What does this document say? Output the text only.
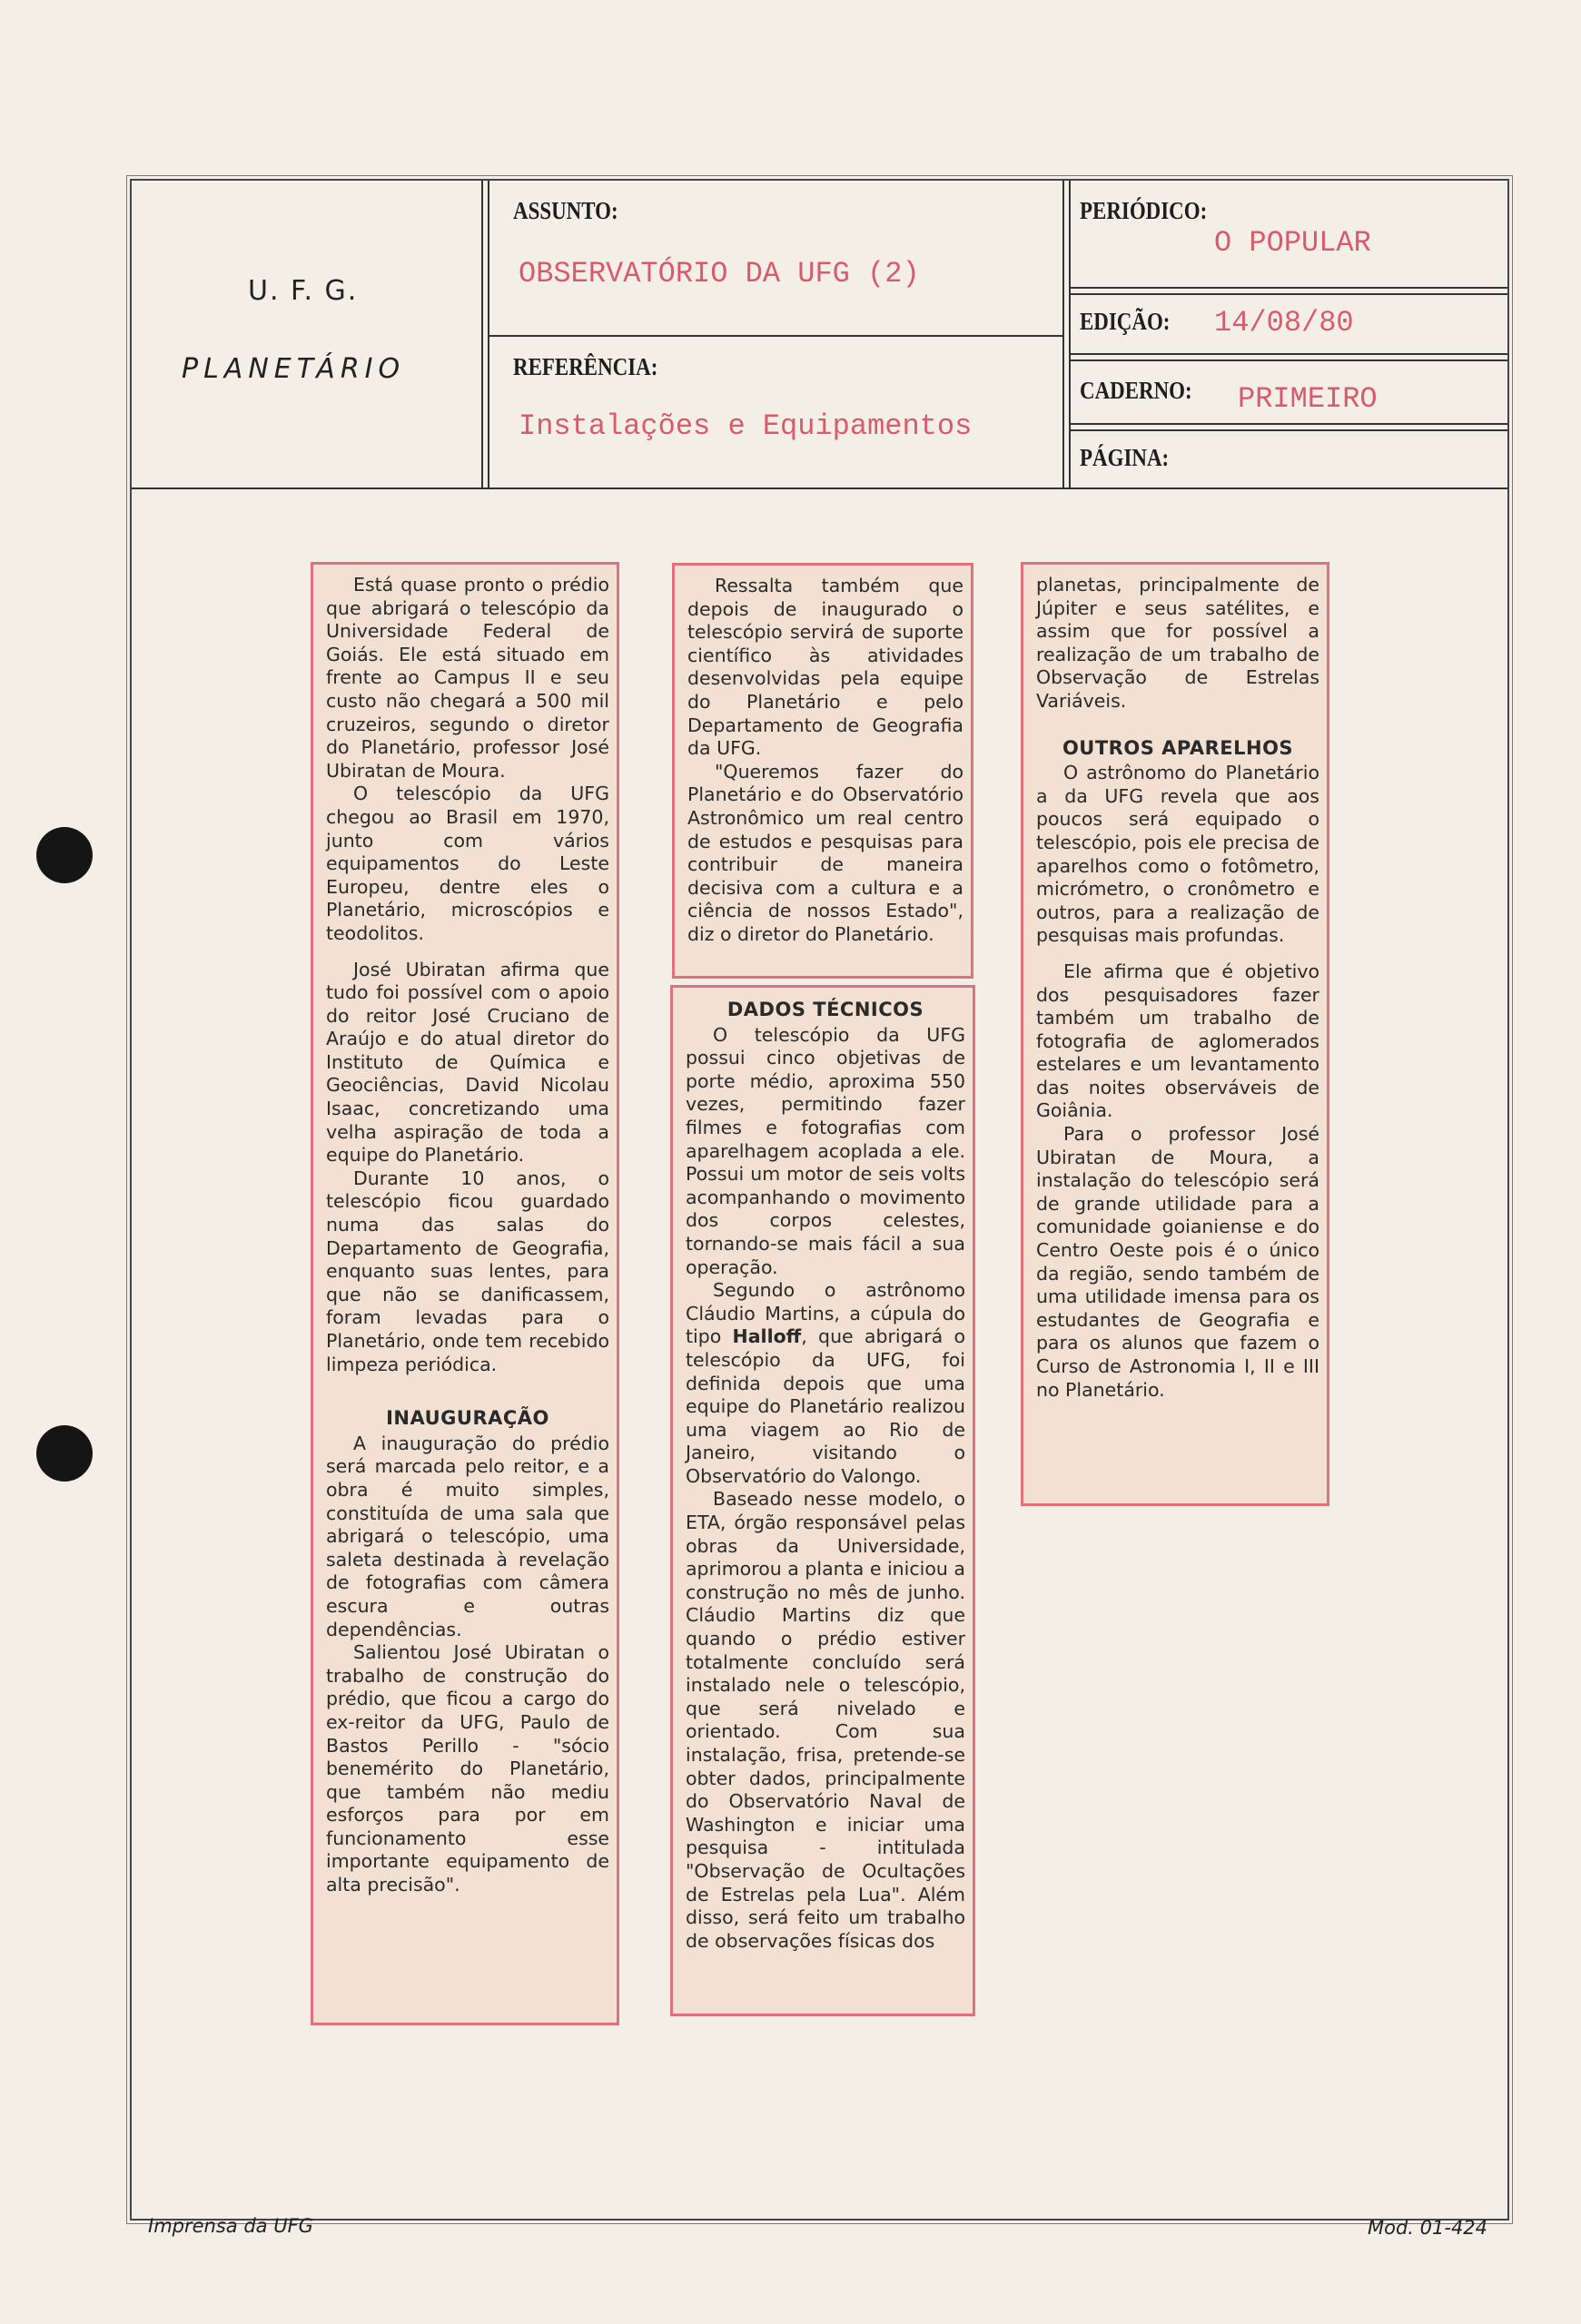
U. F. G.
PLANETÁRIO
ASSUNTO:
OBSERVATÓRIO DA UFG (2)
REFERÊNCIA:
Instalações e Equipamentos
PERIÓDICO:
O POPULAR
EDIÇÃO: 14/08/80
CADERNO: PRIMEIRO
PÁGINA:

Está quase pronto o prédio que abrigará o telescópio da Universidade Federal de Goiás. Ele está situado em frente ao Campus II e seu custo não chegará a 500 mil cruzeiros, segundo o diretor do Planetário, professor José Ubiratan de Moura.

O telescópio da UFG chegou ao Brasil em 1970, junto com vários equipamentos do Leste Europeu, dentre eles o Planetário, microscópios e teodolitos.

José Ubiratan afirma que tudo foi possível com o apoio do reitor José Cruciano de Araújo e do atual diretor do Instituto de Química e Geociências, David Nicolau Isaac, concretizando uma velha aspiração de toda a equipe do Planetário.

Durante 10 anos, o telescópio ficou guardado numa das salas do Departamento de Geografia, enquanto suas lentes, para que não se danificassem, foram levadas para o Planetário, onde tem recebido limpeza periódica.

INAUGURAÇÃO

A inauguração do prédio será marcada pelo reitor, e a obra é muito simples, constituída de uma sala que abrigará o telescópio, uma saleta destinada à revelação de fotografias com câmera escura e outras dependências.

Salientou José Ubiratan o trabalho de construção do prédio, que ficou a cargo do ex-reitor da UFG, Paulo de Bastos Perillo - "sócio benemérito do Planetário, que também não mediu esforços para por em funcionamento esse importante equipamento de alta precisão".

Ressalta também que depois de inaugurado o telescópio servirá de suporte científico às atividades desenvolvidas pela equipe do Planetário e pelo Departamento de Geografia da UFG.

"Queremos fazer do Planetário e do Observatório Astronômico um real centro de estudos e pesquisas para contribuir de maneira decisiva com a cultura e a ciência de nossos Estado", diz o diretor do Planetário.

DADOS TÉCNICOS

O telescópio da UFG possui cinco objetivas de porte médio, aproxima 550 vezes, permitindo fazer filmes e fotografias com aparelhagem acoplada a ele. Possui um motor de seis volts acompanhando o movimento dos corpos celestes, tornando-se mais fácil a sua operação.

Segundo o astrônomo Cláudio Martins, a cúpula do tipo Halloff, que abrigará o telescópio da UFG, foi definida depois que uma equipe do Planetário realizou uma viagem ao Rio de Janeiro, visitando o Observatório do Valongo.

Baseado nesse modelo, o ETA, órgão responsável pelas obras da Universidade, aprimorou a planta e iniciou a construção no mês de junho. Cláudio Martins diz que quando o prédio estiver totalmente concluído será instalado nele o telescópio, que será nivelado e orientado. Com sua instalação, frisa, pretende-se obter dados, principalmente do Observatório Naval de Washington e iniciar uma pesquisa - intitulada "Observação de Ocultações de Estrelas pela Lua". Além disso, será feito um trabalho de observações físicas dos

planetas, principalmente de Júpiter e seus satélites, e assim que for possível a realização de um trabalho de Observação de Estrelas Variáveis.

OUTROS APARELHOS

O astrônomo do Planetário a da UFG revela que aos poucos será equipado o telescópio, pois ele precisa de aparelhos como o fotômetro, micrómetro, o cronômetro e outros, para a realização de pesquisas mais profundas.

Ele afirma que é objetivo dos pesquisadores fazer também um trabalho de fotografia de aglomerados estelares e um levantamento das noites observáveis de Goiânia.

Para o professor José Ubiratan de Moura, a instalação do telescópio será de grande utilidade para a comunidade goianiense e do Centro Oeste pois é o único da região, sendo também de uma utilidade imensa para os estudantes de Geografia e para os alunos que fazem o Curso de Astronomia I, II e III no Planetário.

Imprensa da UFG	Mod. 01-424
